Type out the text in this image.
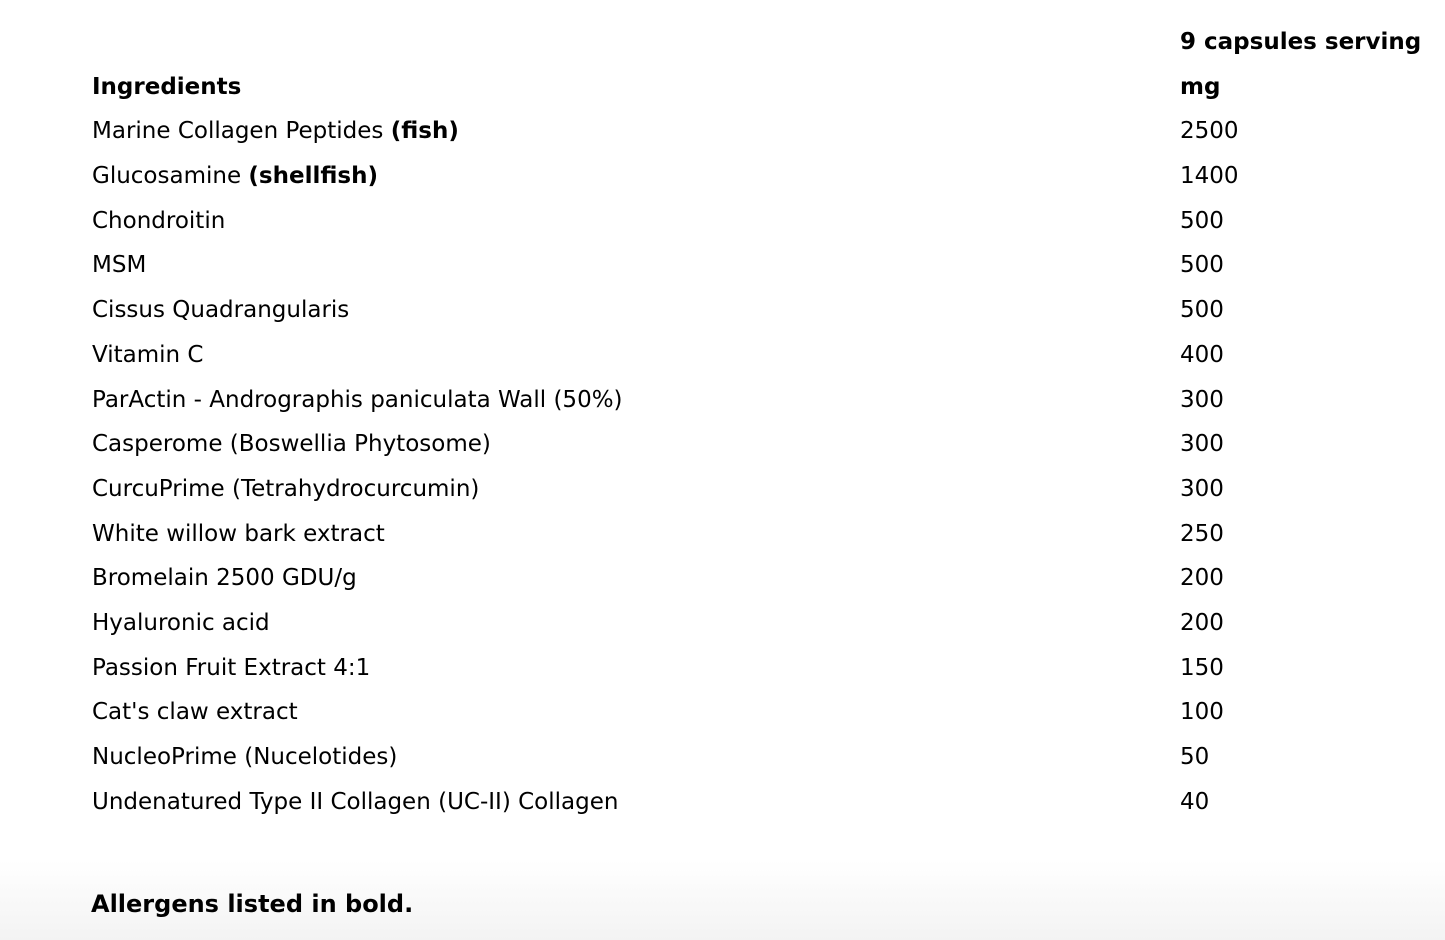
9 capsules serving
Ingredients	mg
Marine Collagen Peptides (fish)	2500
Glucosamine (shellfish)	1400
Chondroitin	500
MSM	500
Cissus Quadrangularis	500
Vitamin C	400
ParActin - Andrographis paniculata Wall (50%)	300
Casperome (Boswellia Phytosome)	300
CurcuPrime (Tetrahydrocurcumin)	300
White willow bark extract	250
Bromelain 2500 GDU/g	200
Hyaluronic acid	200
Passion Fruit Extract 4:1	150
Cat's claw extract	100
NucleoPrime (Nucelotides)	50
Undenatured Type II Collagen (UC-II) Collagen	40
Allergens listed in bold.
